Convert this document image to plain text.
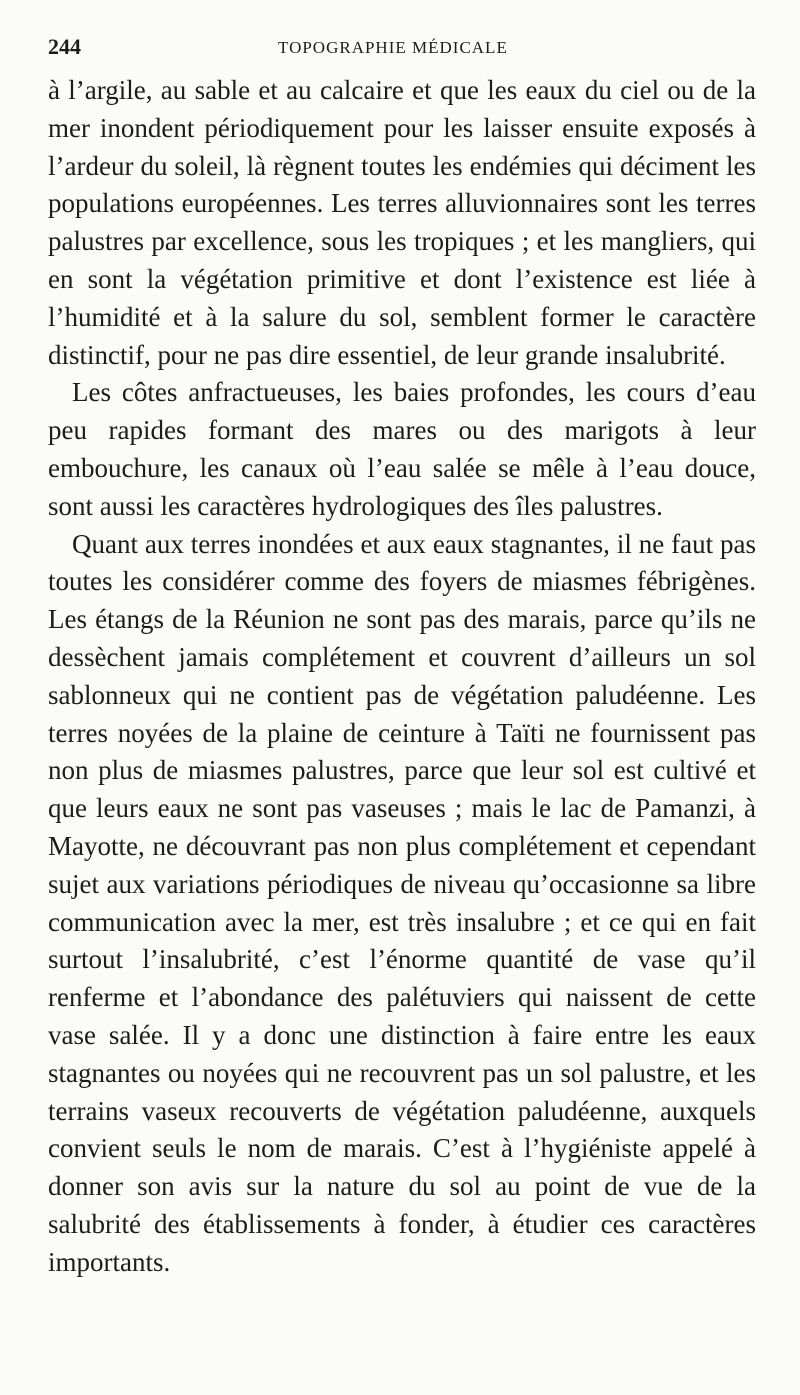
244	TOPOGRAPHIE MÉDICALE

à l’argile, au sable et au calcaire et que les eaux du ciel ou de la mer inondent périodiquement pour les laisser ensuite exposés à l’ardeur du soleil, là règnent toutes les endémies qui déciment les populations européennes. Les terres alluvionnaires sont les terres palustres par excellence, sous les tropiques ; et les mangliers, qui en sont la végétation primitive et dont l’existence est liée à l’humidité et à la salure du sol, semblent former le caractère distinctif, pour ne pas dire essentiel, de leur grande insalubrité.

Les côtes anfractueuses, les baies profondes, les cours d’eau peu rapides formant des mares ou des marigots à leur embouchure, les canaux où l’eau salée se mêle à l’eau douce, sont aussi les caractères hydrologiques des îles palustres.

Quant aux terres inondées et aux eaux stagnantes, il ne faut pas toutes les considérer comme des foyers de miasmes fébrigènes. Les étangs de la Réunion ne sont pas des marais, parce qu’ils ne dessèchent jamais complétement et couvrent d’ailleurs un sol sablonneux qui ne contient pas de végétation paludéenne. Les terres noyées de la plaine de ceinture à Taïti ne fournissent pas non plus de miasmes palustres, parce que leur sol est cultivé et que leurs eaux ne sont pas vaseuses ; mais le lac de Pamanzi, à Mayotte, ne découvrant pas non plus complétement et cependant sujet aux variations périodiques de niveau qu’occasionne sa libre communication avec la mer, est très insalubre ; et ce qui en fait surtout l’insalubrité, c’est l’énorme quantité de vase qu’il renferme et l’abondance des palétuviers qui naissent de cette vase salée. Il y a donc une distinction à faire entre les eaux stagnantes ou noyées qui ne recouvrent pas un sol palustre, et les terrains vaseux recouverts de végétation paludéenne, auxquels convient seuls le nom de marais. C’est à l’hygiéniste appelé à donner son avis sur la nature du sol au point de vue de la salubrité des établissements à fonder, à étudier ces caractères importants.
